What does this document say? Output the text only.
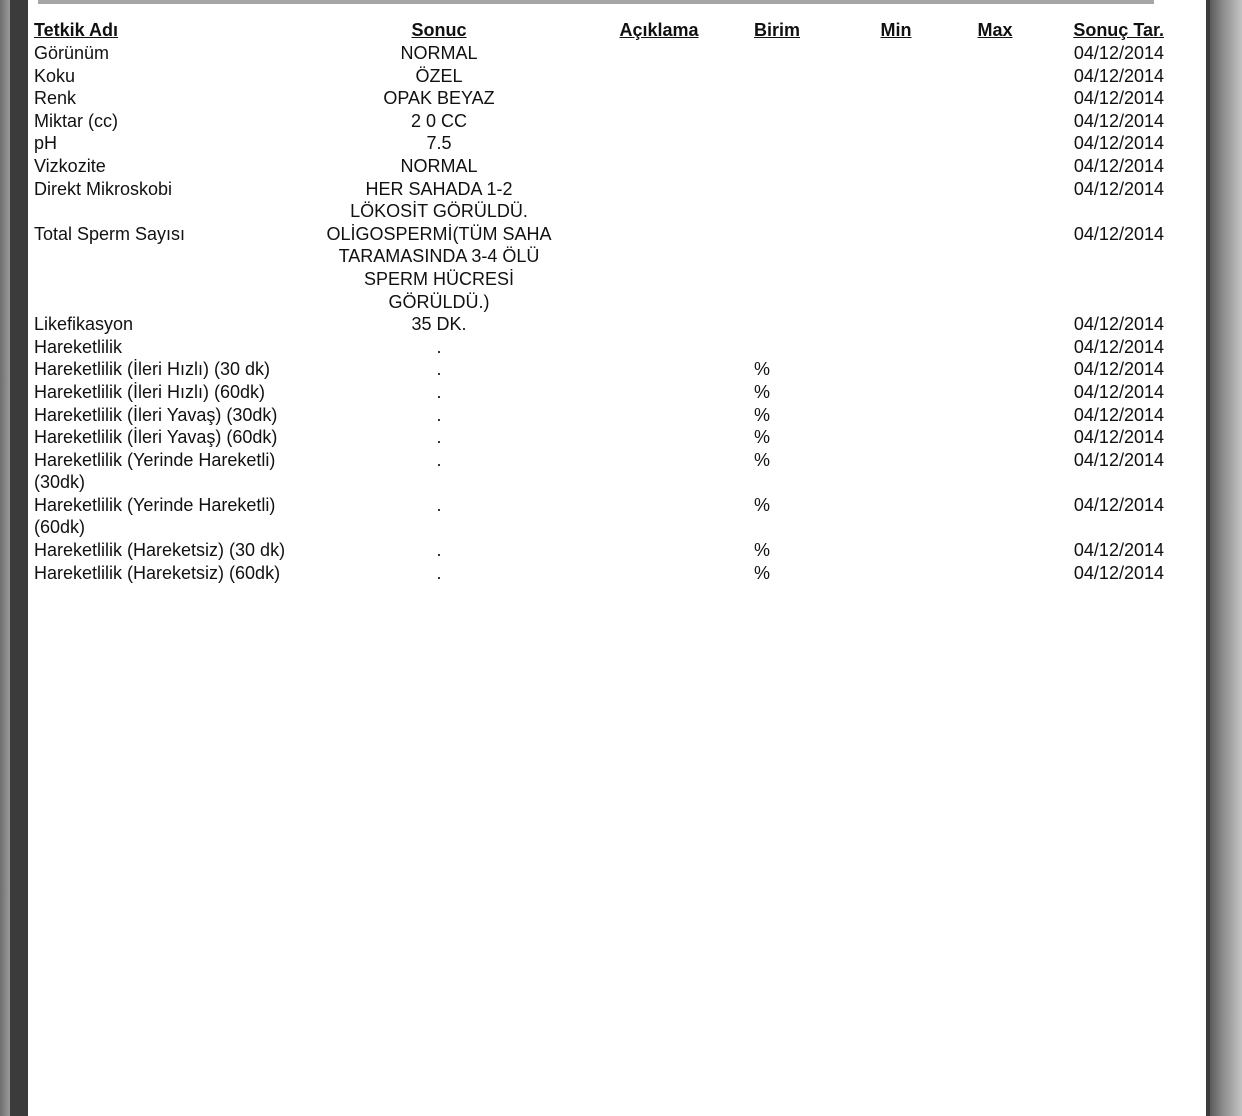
Tetkik Adı	Sonuc	Açıklama	Birim	Min	Max	Sonuç Tar.
Görünüm	NORMAL					04/12/2014
Koku	ÖZEL					04/12/2014
Renk	OPAK BEYAZ					04/12/2014
Miktar (cc)	2 0 CC					04/12/2014
pH	7.5					04/12/2014
Vizkozite	NORMAL					04/12/2014
Direkt Mikroskobi	HER SAHADA 1-2 LÖKOSİT GÖRÜLDÜ.					04/12/2014
Total Sperm Sayısı	OLİGOSPERMİ(TÜM SAHA TARAMASINDA 3-4 ÖLÜ SPERM HÜCRESİ GÖRÜLDÜ.)					04/12/2014
Likefikasyon	35 DK.					04/12/2014
Hareketlilik	.					04/12/2014
Hareketlilik (İleri Hızlı) (30 dk)	.		%			04/12/2014
Hareketlilik (İleri Hızlı) (60dk)	.		%			04/12/2014
Hareketlilik (İleri Yavaş) (30dk)	.		%			04/12/2014
Hareketlilik (İleri Yavaş) (60dk)	.		%			04/12/2014
Hareketlilik (Yerinde Hareketli) (30dk)	.		%			04/12/2014
Hareketlilik (Yerinde Hareketli) (60dk)	.		%			04/12/2014
Hareketlilik (Hareketsiz) (30 dk)	.		%			04/12/2014
Hareketlilik (Hareketsiz) (60dk)	.		%			04/12/2014
